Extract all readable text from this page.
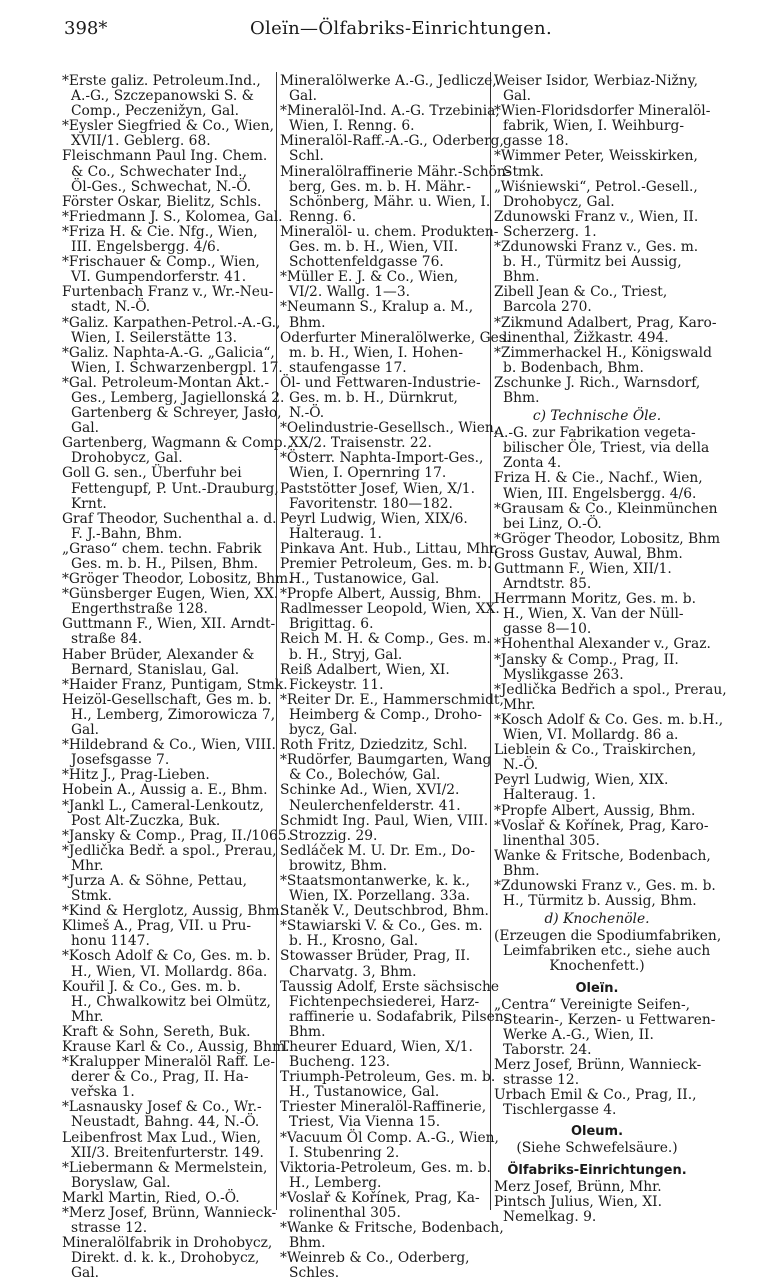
398*	Oleïn—Ölfabriks-Einrichtungen.
*Erste galiz. Petroleum.Ind.,
A.-G., Szczepanowski S. &
Comp., Peczenižyn, Gal.
*Eysler Siegfried & Co., Wien,
XVII/1. Geblerg. 68.
Fleischmann Paul Ing. Chem.
& Co., Schwechater Ind.,
Öl-Ges., Schwechat, N.-Ö.
Förster Oskar, Bielitz, Schls.
*Friedmann J. S., Kolomea, Gal.
*Friza H. & Cie. Nfg., Wien,
III. Engelsbergg. 4/6.
*Frischauer & Comp., Wien,
VI. Gumpendorferstr. 41.
Furtenbach Franz v., Wr.-Neu-
stadt, N.-Ö.
*Galiz. Karpathen-Petrol.-A.-G.,
Wien, I. Seilerstätte 13.
*Galiz. Naphta-A.-G. „Galicia“,
Wien, I. Schwarzenbergpl. 17.
*Gal. Petroleum-Montan Akt.-
Ges., Lemberg, Jagiellonská 2.
Gartenberg & Schreyer, Jasło,
Gal.
Gartenberg, Wagmann & Comp.,
Drohobycz, Gal.
Goll G. sen., Überfuhr bei
Fettengupf, P. Unt.-Drauburg,
Krnt.
Graf Theodor, Suchenthal a. d.
F. J.-Bahn, Bhm.
„Graso“ chem. techn. Fabrik
Ges. m. b. H., Pilsen, Bhm.
*Gröger Theodor, Lobositz, Bhm.
*Günsberger Eugen, Wien, XX.
Engerthstraße 128.
Guttmann F., Wien, XII. Arndt-
straße 84.
Haber Brüder, Alexander &
Bernard, Stanislau, Gal.
*Haider Franz, Puntigam, Stmk.
Heizöl-Gesellschaft, Ges m. b.
H., Lemberg, Zimorowicza 7,
Gal.
*Hildebrand & Co., Wien, VIII.
Josefsgasse 7.
*Hitz J., Prag-Lieben.
Hobein A., Aussig a. E., Bhm.
*Jankl L., Cameral-Lenkoutz,
Post Alt-Zuczka, Buk.
*Jansky & Comp., Prag, II./1065.
*Jedlička Bedř. a spol., Prerau,
Mhr.
*Jurza A. & Söhne, Pettau,
Stmk.
*Kind & Herglotz, Aussig, Bhm.
Klimeš A., Prag, VII. u Pru-
honu 1147.
*Kosch Adolf & Co, Ges. m. b.
H., Wien, VI. Mollardg. 86a.
Kouřil J. & Co., Ges. m. b.
H., Chwalkowitz bei Olmütz,
Mhr.
Kraft & Sohn, Sereth, Buk.
Krause Karl & Co., Aussig, Bhm.
*Kralupper Mineralöl Raff. Le-
derer & Co., Prag, II. Ha-
veřska 1.
*Lasnausky Josef & Co., Wr.-
Neustadt, Bahng. 44, N.-Ö.
Leibenfrost Max Lud., Wien,
XII/3. Breitenfurterstr. 149.
*Liebermann & Mermelstein,
Boryslaw, Gal.
Markl Martin, Ried, O.-Ö.
*Merz Josef, Brünn, Wannieck-
strasse 12.
Mineralölfabrik in Drohobycz,
Direkt. d. k. k., Drohobycz,
Gal.
Mineralölwerke A.-G., Jedlicze,
Gal.
*Mineralöl-Ind. A.-G. Trzebinia,
Wien, I. Renng. 6.
Mineralöl-Raff.-A.-G., Oderberg,
Schl.
Mineralölraffinerie Mähr.-Schön-
berg, Ges. m. b. H. Mähr.-
Schönberg, Mähr. u. Wien, I.
Renng. 6.
Mineralöl- u. chem. Produkten-
Ges. m. b. H., Wien, VII.
Schottenfeldgasse 76.
*Müller E. J. & Co., Wien,
VI/2. Wallg. 1—3.
*Neumann S., Kralup a. M.,
Bhm.
Oderfurter Mineralölwerke, Ges.
m. b. H., Wien, I. Hohen-
staufengasse 17.
Öl- und Fettwaren-Industrie-
Ges. m. b. H., Dürnkrut,
N.-Ö.
*Oelindustrie-Gesellsch., Wien,
XX/2. Traisenstr. 22.
*Österr. Naphta-Import-Ges.,
Wien, I. Opernring 17.
Paststötter Josef, Wien, X/1.
Favoritenstr. 180—182.
Peyrl Ludwig, Wien, XIX/6.
Halteraug. 1.
Pinkava Ant. Hub., Littau, Mhr.
Premier Petroleum, Ges. m. b.
H., Tustanowice, Gal.
*Propfe Albert, Aussig, Bhm.
Radlmesser Leopold, Wien, XX.
Brigittag. 6.
Reich M. H. & Comp., Ges. m.
b. H., Stryj, Gal.
Reiß Adalbert, Wien, XI.
Fickeystr. 11.
*Reiter Dr. E., Hammerschmidt,
Heimberg & Comp., Droho-
bycz, Gal.
Roth Fritz, Dziedzitz, Schl.
*Rudörfer, Baumgarten, Wang
& Co., Bolechów, Gal.
Schinke Ad., Wien, XVI/2.
Neulerchenfelderstr. 41.
Schmidt Ing. Paul, Wien, VIII.
Strozzig. 29.
Sedláček M. U. Dr. Em., Do-
browitz, Bhm.
*Staatsmontanwerke, k. k.,
Wien, IX. Porzellang. 33a.
Staněk V., Deutschbrod, Bhm.
*Stawiarski V. & Co., Ges. m.
b. H., Krosno, Gal.
Stowasser Brüder, Prag, II.
Charvatg. 3, Bhm.
Taussig Adolf, Erste sächsische
Fichtenpechsiederei, Harz-
raffinerie u. Sodafabrik, Pilsen,
Bhm.
Theurer Eduard, Wien, X/1.
Bucheng. 123.
Triumph-Petroleum, Ges. m. b.
H., Tustanowice, Gal.
Triester Mineralöl-Raffinerie,
Triest, Via Vienna 15.
*Vacuum Öl Comp. A.-G., Wien,
I. Stubenring 2.
Viktoria-Petroleum, Ges. m. b.
H., Lemberg.
*Voslař & Kořínek, Prag, Ka-
rolinenthal 305.
*Wanke & Fritsche, Bodenbach,
Bhm.
*Weinreb & Co., Oderberg,
Schles.
Weiser Isidor, Werbiaz-Nižny,
Gal.
*Wien-Floridsdorfer Mineralöl-
fabrik, Wien, I. Weihburg-
gasse 18.
*Wimmer Peter, Weisskirken,
Stmk.
„Wiśniewski“, Petrol.-Gesell.,
Drohobycz, Gal.
Zdunowski Franz v., Wien, II.
Scherzerg. 1.
*Zdunowski Franz v., Ges. m.
b. H., Türmitz bei Aussig,
Bhm.
Zibell Jean & Co., Triest,
Barcola 270.
*Zikmund Adalbert, Prag, Karo-
linenthal, Žižkastr. 494.
*Zimmerhackel H., Königswald
b. Bodenbach, Bhm.
Zschunke J. Rich., Warnsdorf,
Bhm.
c) Technische Öle.
A.-G. zur Fabrikation vegeta-
bilischer Öle, Triest, via della
Zonta 4.
Friza H. & Cie., Nachf., Wien,
Wien, III. Engelsbergg. 4/6.
*Grausam & Co., Kleinmünchen
bei Linz, O.-Ö.
*Gröger Theodor, Lobositz, Bhm
Gross Gustav, Auwal, Bhm.
Guttmann F., Wien, XII/1.
Arndtstr. 85.
Herrmann Moritz, Ges. m. b.
H., Wien, X. Van der Nüll-
gasse 8—10.
*Hohenthal Alexander v., Graz.
*Jansky & Comp., Prag, II.
Myslikgasse 263.
*Jedlička Bedřich a spol., Prerau,
Mhr.
*Kosch Adolf & Co. Ges. m. b.H.,
Wien, VI. Mollardg. 86 a.
Lieblein & Co., Traiskirchen,
N.-Ö.
Peyrl Ludwig, Wien, XIX.
Halteraug. 1.
*Propfe Albert, Aussig, Bhm.
*Voslař & Kořínek, Prag, Karo-
linenthal 305.
Wanke & Fritsche, Bodenbach,
Bhm.
*Zdunowski Franz v., Ges. m. b.
H., Türmitz b. Aussig, Bhm.
d) Knochenöle.
(Erzeugen die Spodiumfabriken,
Leimfabriken etc., siehe auch
Knochenfett.)
Oleïn.
„Centra“ Vereinigte Seifen-,
Stearin-, Kerzen- u Fettwaren-
Werke A.-G., Wien, II.
Taborstr. 24.
Merz Josef, Brünn, Wannieck-
strasse 12.
Urbach Emil & Co., Prag, II.,
Tischlergasse 4.
Oleum.
(Siehe Schwefelsäure.)
Ölfabriks-Einrichtungen.
Merz Josef, Brünn, Mhr.
Pintsch Julius, Wien, XI.
Nemelkag. 9.
